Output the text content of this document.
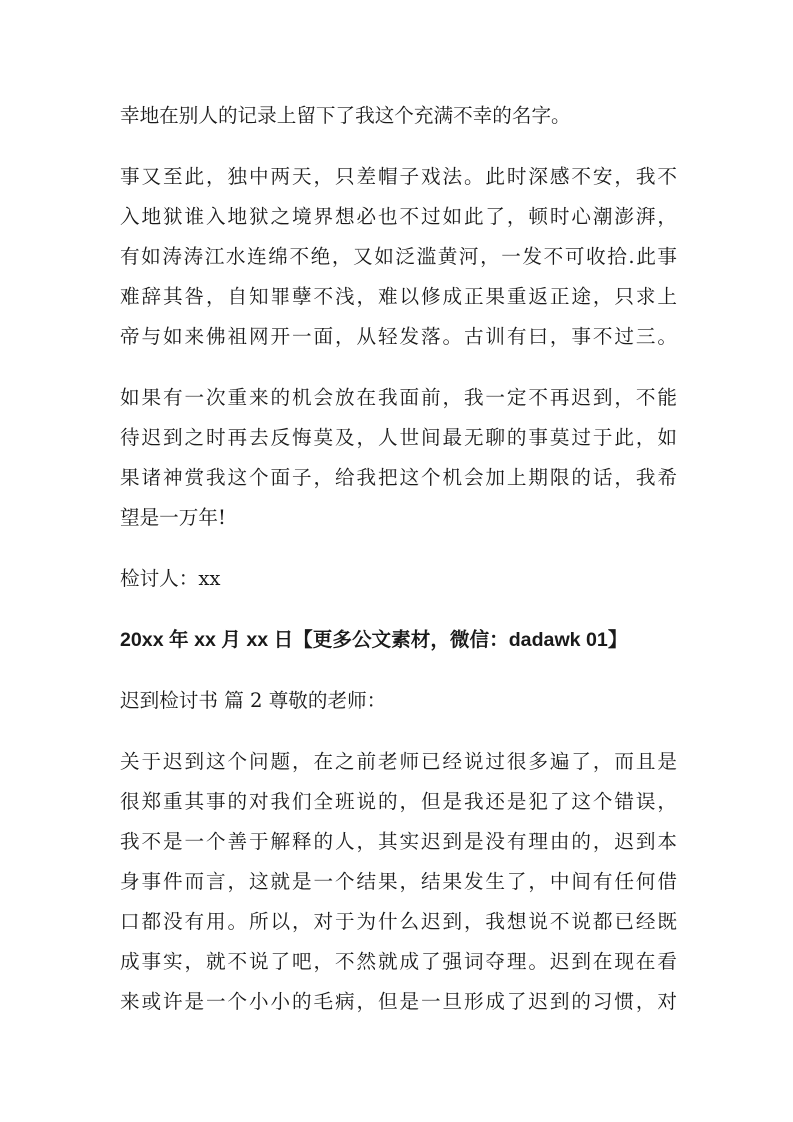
幸地在别人的记录上留下了我这个充满不幸的名字。
事又至此，独中两天，只差帽子戏法。此时深感不安，我不
入地狱谁入地狱之境界想必也不过如此了，顿时心潮澎湃，
有如涛涛江水连绵不绝，又如泛滥黄河，一发不可收拾.此事
难辞其咎，自知罪孽不浅，难以修成正果重返正途，只求上
帝与如来佛祖网开一面，从轻发落。古训有曰，事不过三。
如果有一次重来的机会放在我面前，我一定不再迟到，不能
待迟到之时再去反悔莫及，人世间最无聊的事莫过于此，如
果诸神赏我这个面子，给我把这个机会加上期限的话，我希
望是一万年!
检讨人：xx
20xx 年 xx 月 xx 日【更多公文素材，微信：dadawk 01】
迟到检讨书 篇 2 尊敬的老师：
关于迟到这个问题，在之前老师已经说过很多遍了，而且是
很郑重其事的对我们全班说的，但是我还是犯了这个错误，
我不是一个善于解释的人，其实迟到是没有理由的，迟到本
身事件而言，这就是一个结果，结果发生了，中间有任何借
口都没有用。所以，对于为什么迟到，我想说不说都已经既
成事实，就不说了吧，不然就成了强词夺理。迟到在现在看
来或许是一个小小的毛病，但是一旦形成了迟到的习惯，对
